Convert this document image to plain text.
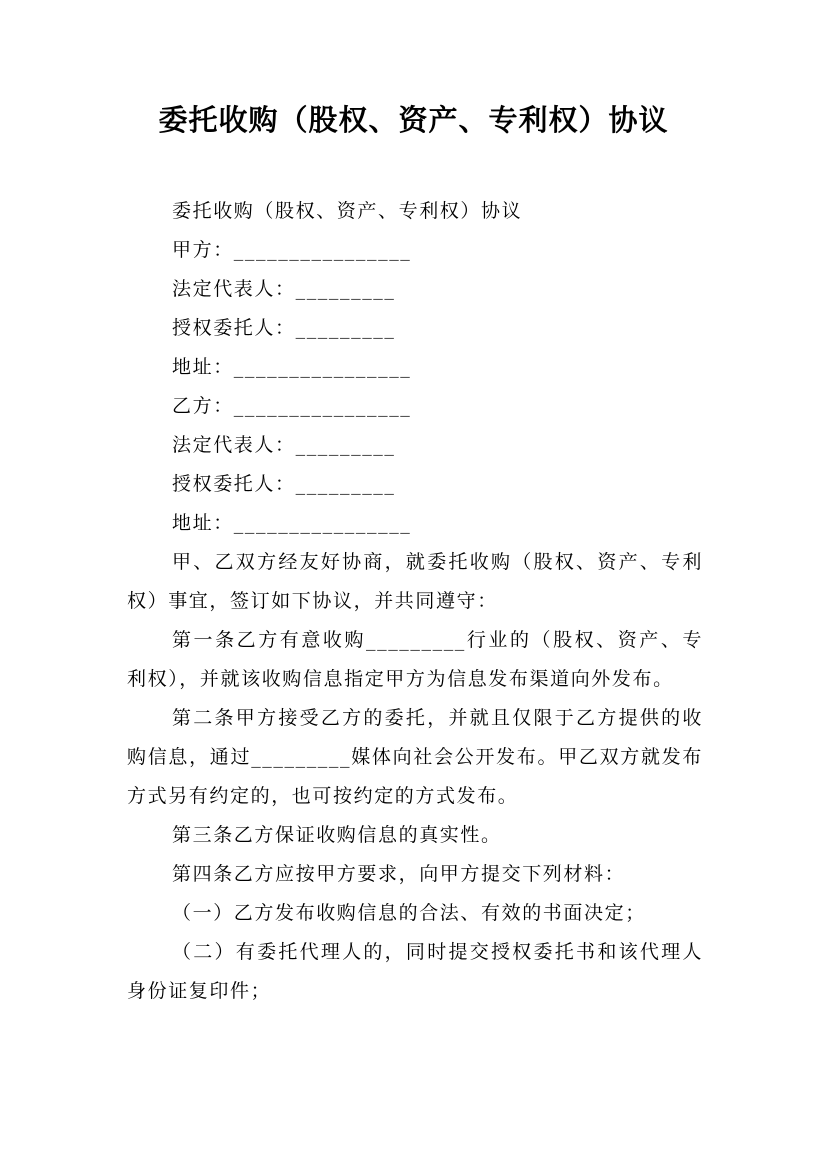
委托收购（股权、资产、专利权）协议
委托收购（股权、资产、专利权）协议
甲方：________________
法定代表人：_________
授权委托人：_________
地址：________________
乙方：________________
法定代表人：_________
授权委托人：_________
地址：________________

甲、乙双方经友好协商，就委托收购（股权、资产、专利权）事宜，签订如下协议，并共同遵守：

第一条乙方有意收购_________行业的（股权、资产、专利权），并就该收购信息指定甲方为信息发布渠道向外发布。

第二条甲方接受乙方的委托，并就且仅限于乙方提供的收购信息，通过_________媒体向社会公开发布。甲乙双方就发布方式另有约定的，也可按约定的方式发布。

第三条乙方保证收购信息的真实性。

第四条乙方应按甲方要求，向甲方提交下列材料：

（一）乙方发布收购信息的合法、有效的书面决定；

（二）有委托代理人的，同时提交授权委托书和该代理人身份证复印件；
